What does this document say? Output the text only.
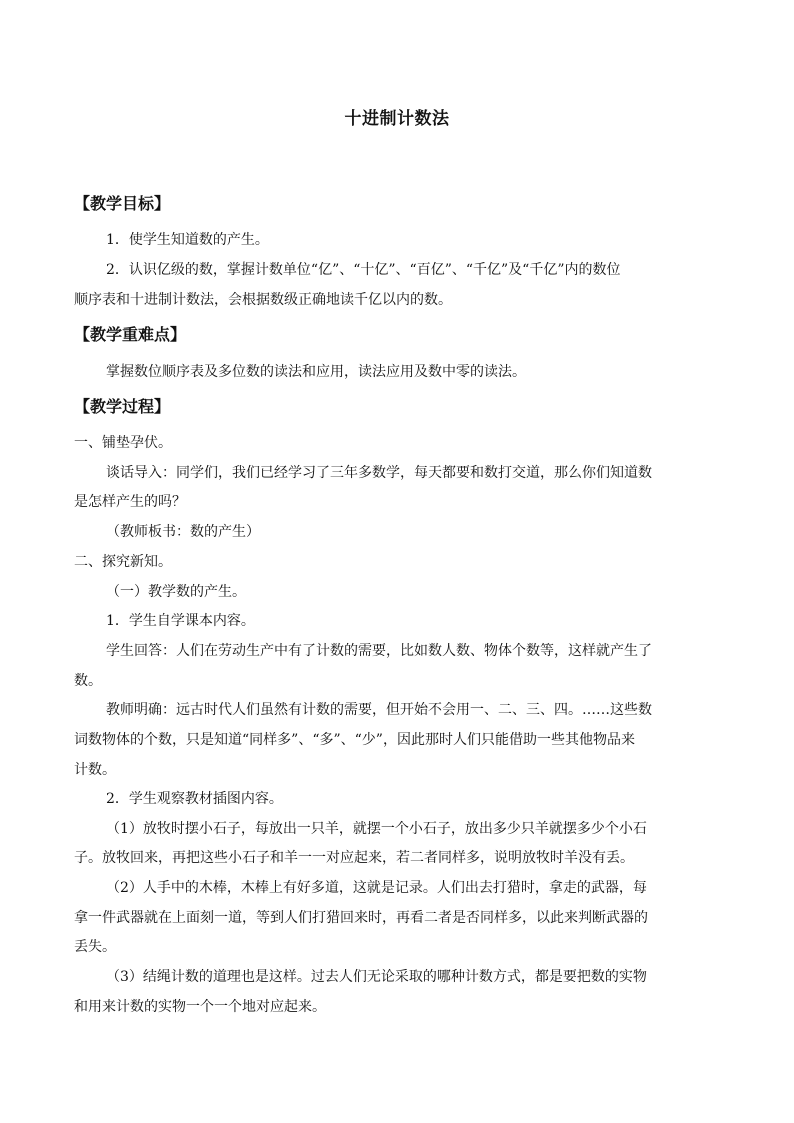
十进制计数法
【教学目标】
1．使学生知道数的产生。
2．认识亿级的数，掌握计数单位“亿”、“十亿”、“百亿”、“千亿”及“千亿”内的数位
顺序表和十进制计数法，会根据数级正确地读千亿以内的数。
【教学重难点】
掌握数位顺序表及多位数的读法和应用，读法应用及数中零的读法。
【教学过程】
一、铺垫孕伏。
谈话导入：同学们，我们已经学习了三年多数学，每天都要和数打交道，那么你们知道数
是怎样产生的吗？
（教师板书：数的产生）
二、探究新知。
（一）教学数的产生。
1．学生自学课本内容。
学生回答：人们在劳动生产中有了计数的需要，比如数人数、物体个数等，这样就产生了
数。
教师明确：远古时代人们虽然有计数的需要，但开始不会用一、二、三、四。……这些数
词数物体的个数，只是知道“同样多”、“多”、“少”，因此那时人们只能借助一些其他物品来
计数。
2．学生观察教材插图内容。
（1）放牧时摆小石子，每放出一只羊，就摆一个小石子，放出多少只羊就摆多少个小石
子。放牧回来，再把这些小石子和羊一一对应起来，若二者同样多，说明放牧时羊没有丢。
（2）人手中的木棒，木棒上有好多道，这就是记录。人们出去打猎时，拿走的武器，每
拿一件武器就在上面刻一道，等到人们打猎回来时，再看二者是否同样多，以此来判断武器的
丢失。
（3）结绳计数的道理也是这样。过去人们无论采取的哪种计数方式，都是要把数的实物
和用来计数的实物一个一个地对应起来。
